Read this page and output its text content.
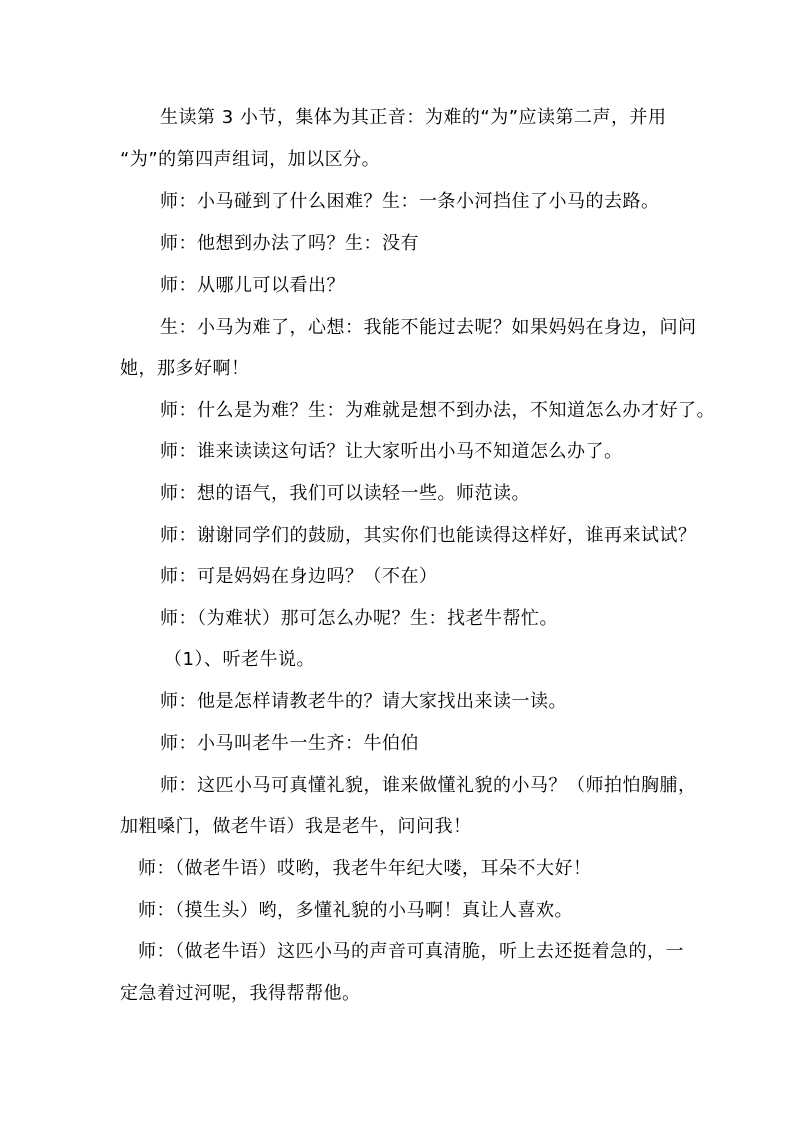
生读第 3 小节，集体为其正音：为难的“为”应读第二声，并用
“为”的第四声组词，加以区分。
师：小马碰到了什么困难？生：一条小河挡住了小马的去路。
师：他想到办法了吗？生：没有
师：从哪儿可以看出？
生：小马为难了，心想：我能不能过去呢？如果妈妈在身边，问问
她，那多好啊！
师：什么是为难？生：为难就是想不到办法，不知道怎么办才好了。
师：谁来读读这句话？让大家听出小马不知道怎么办了。
师：想的语气，我们可以读轻一些。师范读。
师：谢谢同学们的鼓励，其实你们也能读得这样好，谁再来试试？
师：可是妈妈在身边吗？（不在）
师：（为难状）那可怎么办呢？生：找老牛帮忙。
（1）、听老牛说。
师：他是怎样请教老牛的？请大家找出来读一读。
师：小马叫老牛一生齐：牛伯伯
师：这匹小马可真懂礼貌，谁来做懂礼貌的小马？（师拍怕胸脯，
加粗嗓门，做老牛语）我是老牛，问问我！
师：（做老牛语）哎哟，我老牛年纪大喽，耳朵不大好！
师：（摸生头）哟，多懂礼貌的小马啊！真让人喜欢。
师：（做老牛语）这匹小马的声音可真清脆，听上去还挺着急的，一
定急着过河呢，我得帮帮他。
